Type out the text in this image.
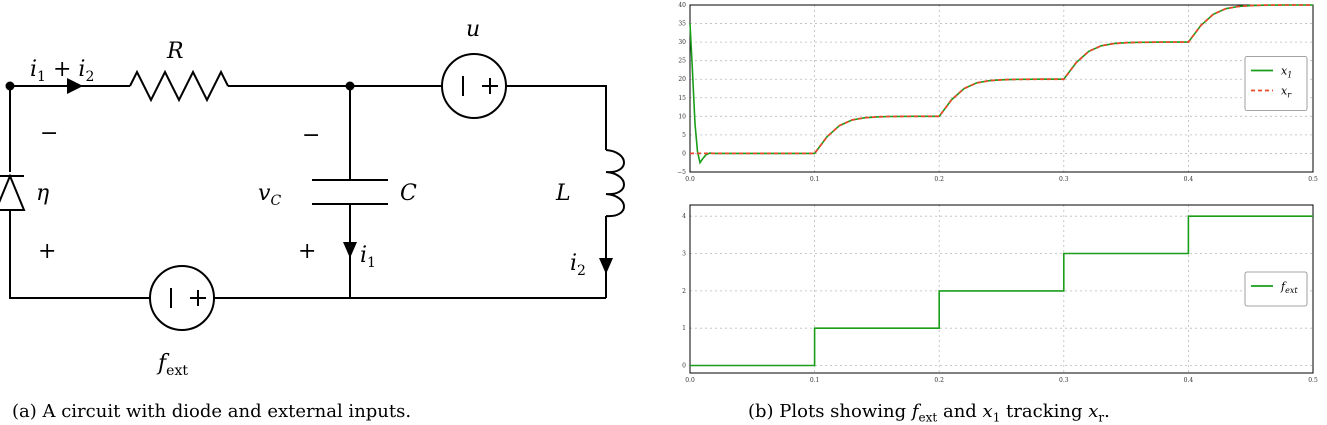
$i_1 + i_2$
R
u
−
η
+
−
$v_C$	C
+ $i_1$
L
$i_2$
$f_{ext}$
(a) A circuit with diode and external inputs.
0.0	0.1	0.2	0.3	0.4	0.5
−5
0
5
10
15
20
25
30
35
40
$x_1$
$x_r$
0.0	0.1	0.2	0.3	0.4	0.5
0
1
2
3
4
$f_{ext}$
(b) Plots showing $f_{ext}$ and $x_1$ tracking $x_r$.
